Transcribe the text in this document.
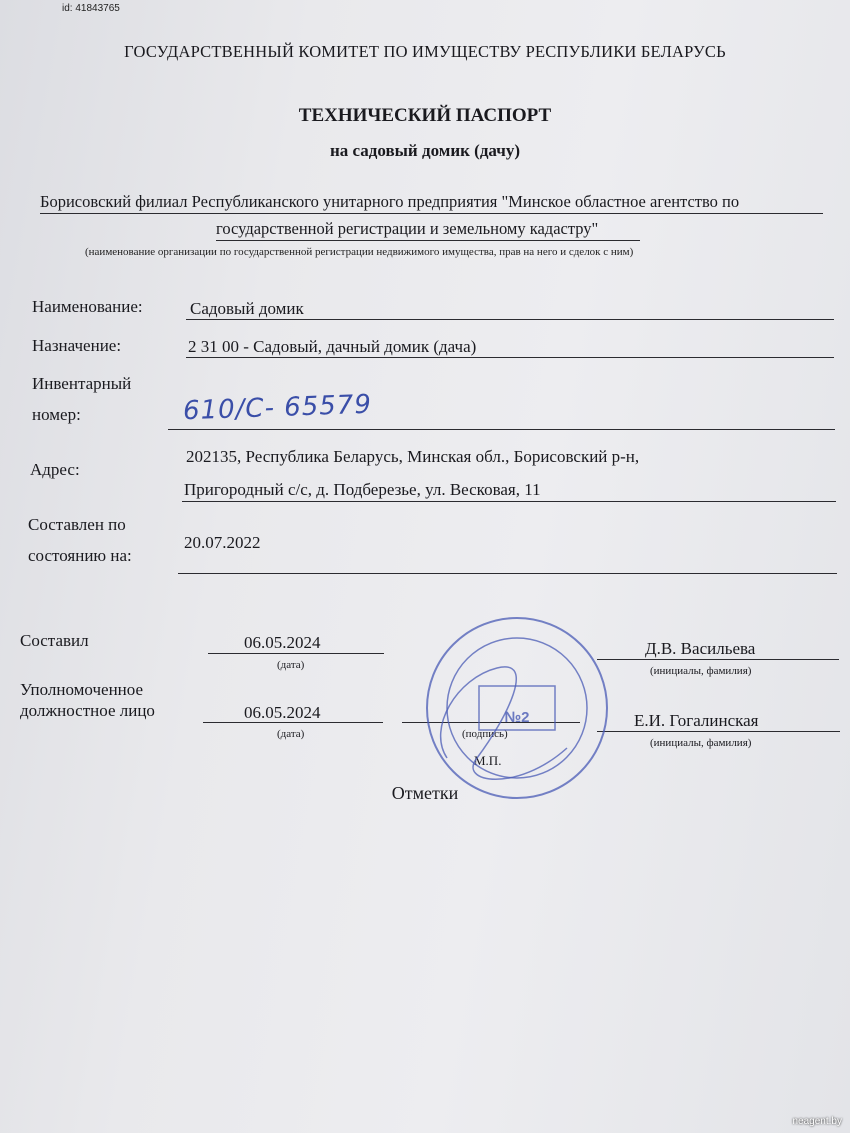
id: 41843765
ГОСУДАРСТВЕННЫЙ КОМИТЕТ ПО ИМУЩЕСТВУ РЕСПУБЛИКИ БЕЛАРУСЬ
ТЕХНИЧЕСКИЙ ПАСПОРТ
на садовый домик (дачу)
Борисовский филиал Республиканского унитарного предприятия "Минское областное агентство по
государственной регистрации и земельному кадастру"
(наименование организации по государственной регистрации недвижимого имущества, прав на него и сделок с ним)
Наименование:	Садовый домик
Назначение:	2 31 00 - Садовый, дачный домик (дача)
Инвентарный
номер:	610/C- 65579
Адрес:
202135, Республика Беларусь, Минская обл., Борисовский р-н,
Пригородный с/с, д. Подберезье, ул. Весковая, 11
Составлен по
состоянию на:
20.07.2022
Составил	06.05.2024
(дата)
Д.В. Васильева
(инициалы, фамилия)
Уполномоченное
должностное лицо	06.05.2024
(дата)	(подпись)
Е.И. Гогалинская
(инициалы, фамилия)
М.П.
№2
Отметки
neagent.by
